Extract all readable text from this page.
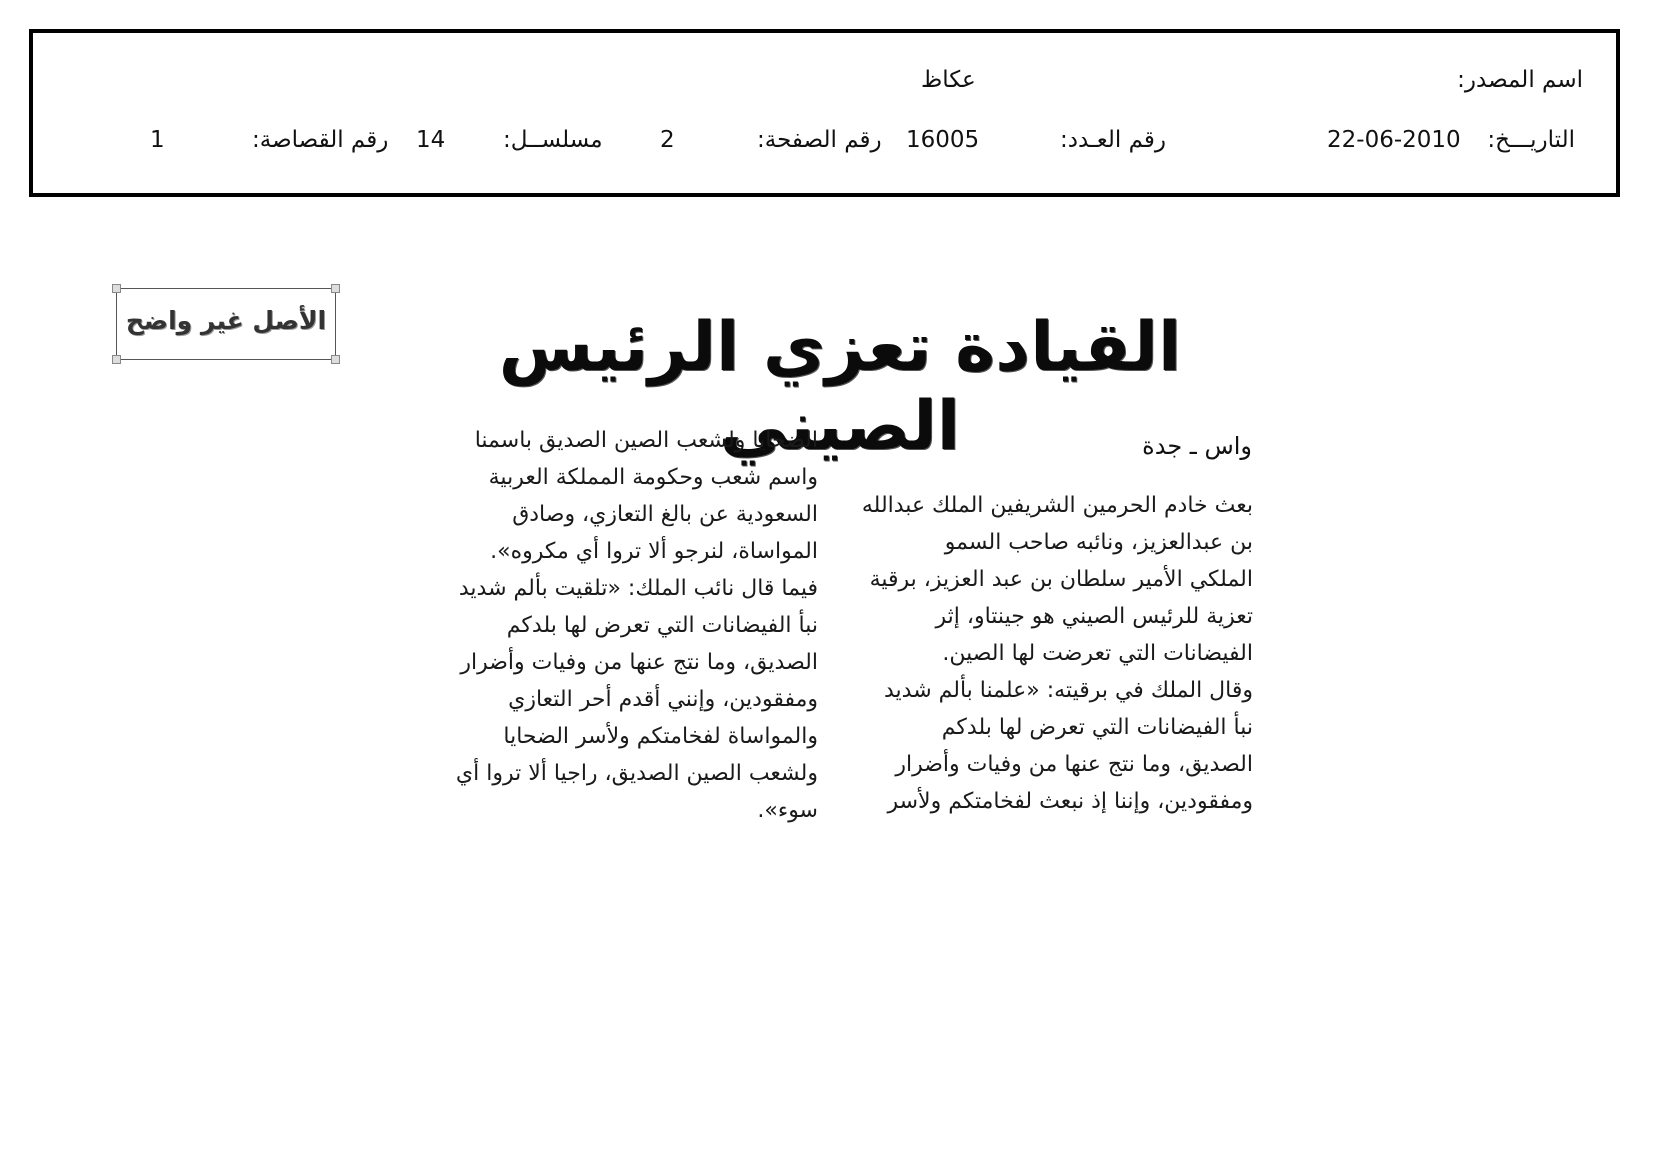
اسم المصدر:
عكاظ
التاريـــخ:
22-06-2010
رقم العـدد:
16005
رقم الصفحة:
2
مسلســل:
14
رقم القصاصة:
1
الأصل غير واضح	القيادة تعزي الرئيس الصيني	واس ـ جدة
بعث خادم الحرمين الشريفين الملك عبدالله
بن عبدالعزيز، ونائبه صاحب السمو
الملكي الأمير سلطان بن عبد العزيز، برقية
تعزية للرئيس الصيني هو جينتاو، إثر
الفيضانات التي تعرضت لها الصين.
وقال الملك في برقيته: «علمنا بألم شديد
نبأ الفيضانات التي تعرض لها بلدكم
الصديق، وما نتج عنها من وفيات وأضرار
ومفقودين، وإننا إذ نبعث لفخامتكم ولأسر
الضحايا ولشعب الصين الصديق باسمنا
واسم شعب وحكومة المملكة العربية
السعودية عن بالغ التعازي، وصادق
المواساة، لنرجو ألا تروا أي مكروه».
فيما قال نائب الملك: «تلقيت بألم شديد
نبأ الفيضانات التي تعرض لها بلدكم
الصديق، وما نتج عنها من وفيات وأضرار
ومفقودين، وإنني أقدم أحر التعازي
والمواساة لفخامتكم ولأسر الضحايا
ولشعب الصين الصديق، راجيا ألا تروا أي
سوء».
